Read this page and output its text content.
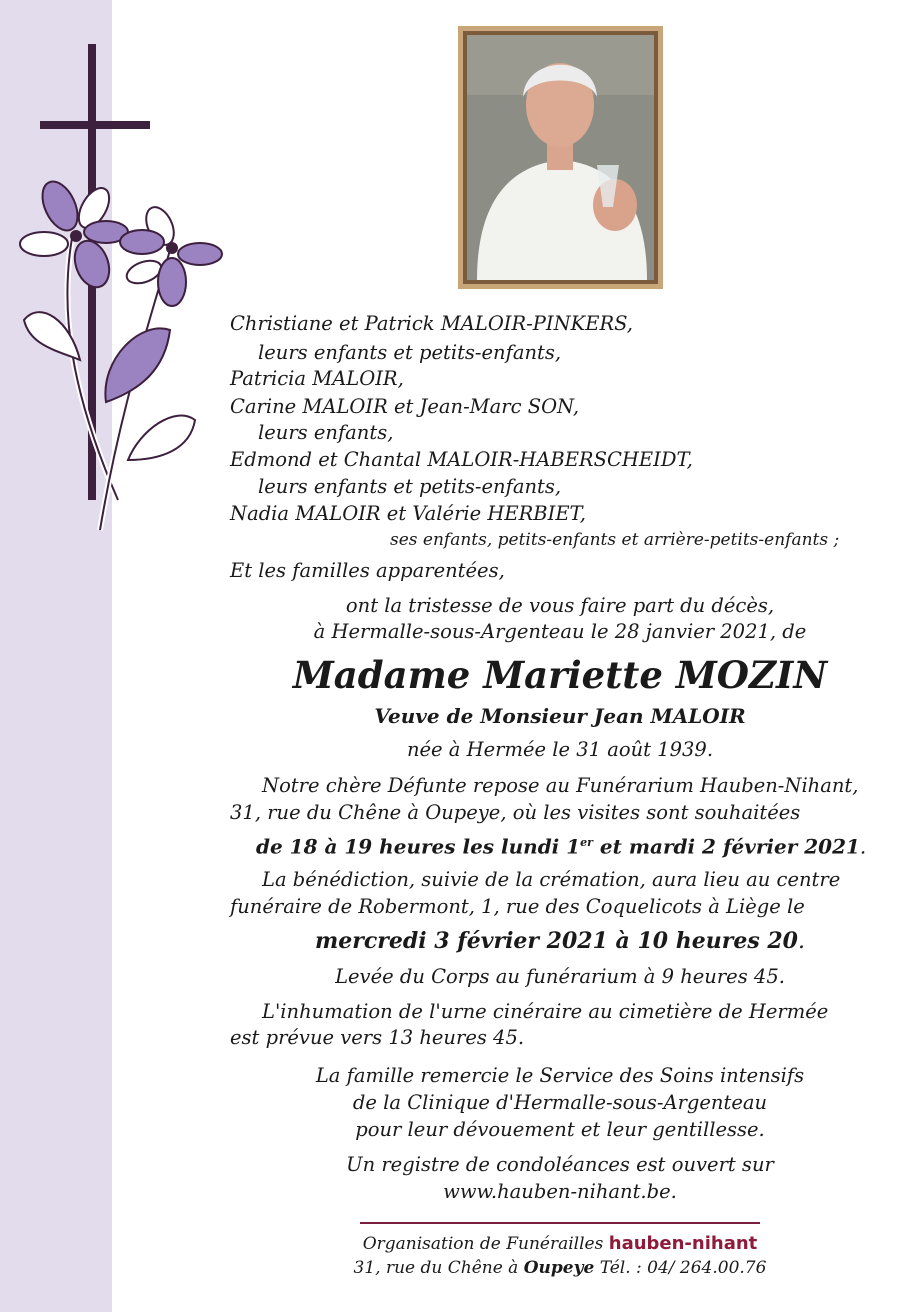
Christiane et Patrick MALOIR-PINKERS,

leurs enfants et petits-enfants,

Patricia MALOIR,

Carine MALOIR et Jean-Marc SON,

leurs enfants,

Edmond et Chantal MALOIR-HABERSCHEIDT,

leurs enfants et petits-enfants,

Nadia MALOIR et Valérie HERBIET,

ses enfants, petits-enfants et arrière-petits-enfants ;

Et les familles apparentées,

ont la tristesse de vous faire part du décès,

à Hermalle-sous-Argenteau le 28 janvier 2021, de

Madame Mariette MOZIN

Veuve de Monsieur Jean MALOIR

née à Hermée le 31 août 1939.

Notre chère Défunte repose au Funérarium Hauben-Nihant,

31, rue du Chêne à Oupeye, où les visites sont souhaitées

de 18 à 19 heures les lundi 1er et mardi 2 février 2021.

La bénédiction, suivie de la crémation, aura lieu au centre

funéraire de Robermont, 1, rue des Coquelicots à Liège le

mercredi 3 février 2021 à 10 heures 20.

Levée du Corps au funérarium à 9 heures 45.

L'inhumation de l'urne cinéraire au cimetière de Hermée

est prévue vers 13 heures 45.

La famille remercie le Service des Soins intensifs

de la Clinique d'Hermalle-sous-Argenteau

pour leur dévouement et leur gentillesse.

Un registre de condoléances est ouvert sur

www.hauben-nihant.be.

Organisation de Funérailles hauben-nihant

31, rue du Chêne à Oupeye Tél. : 04/ 264.00.76
